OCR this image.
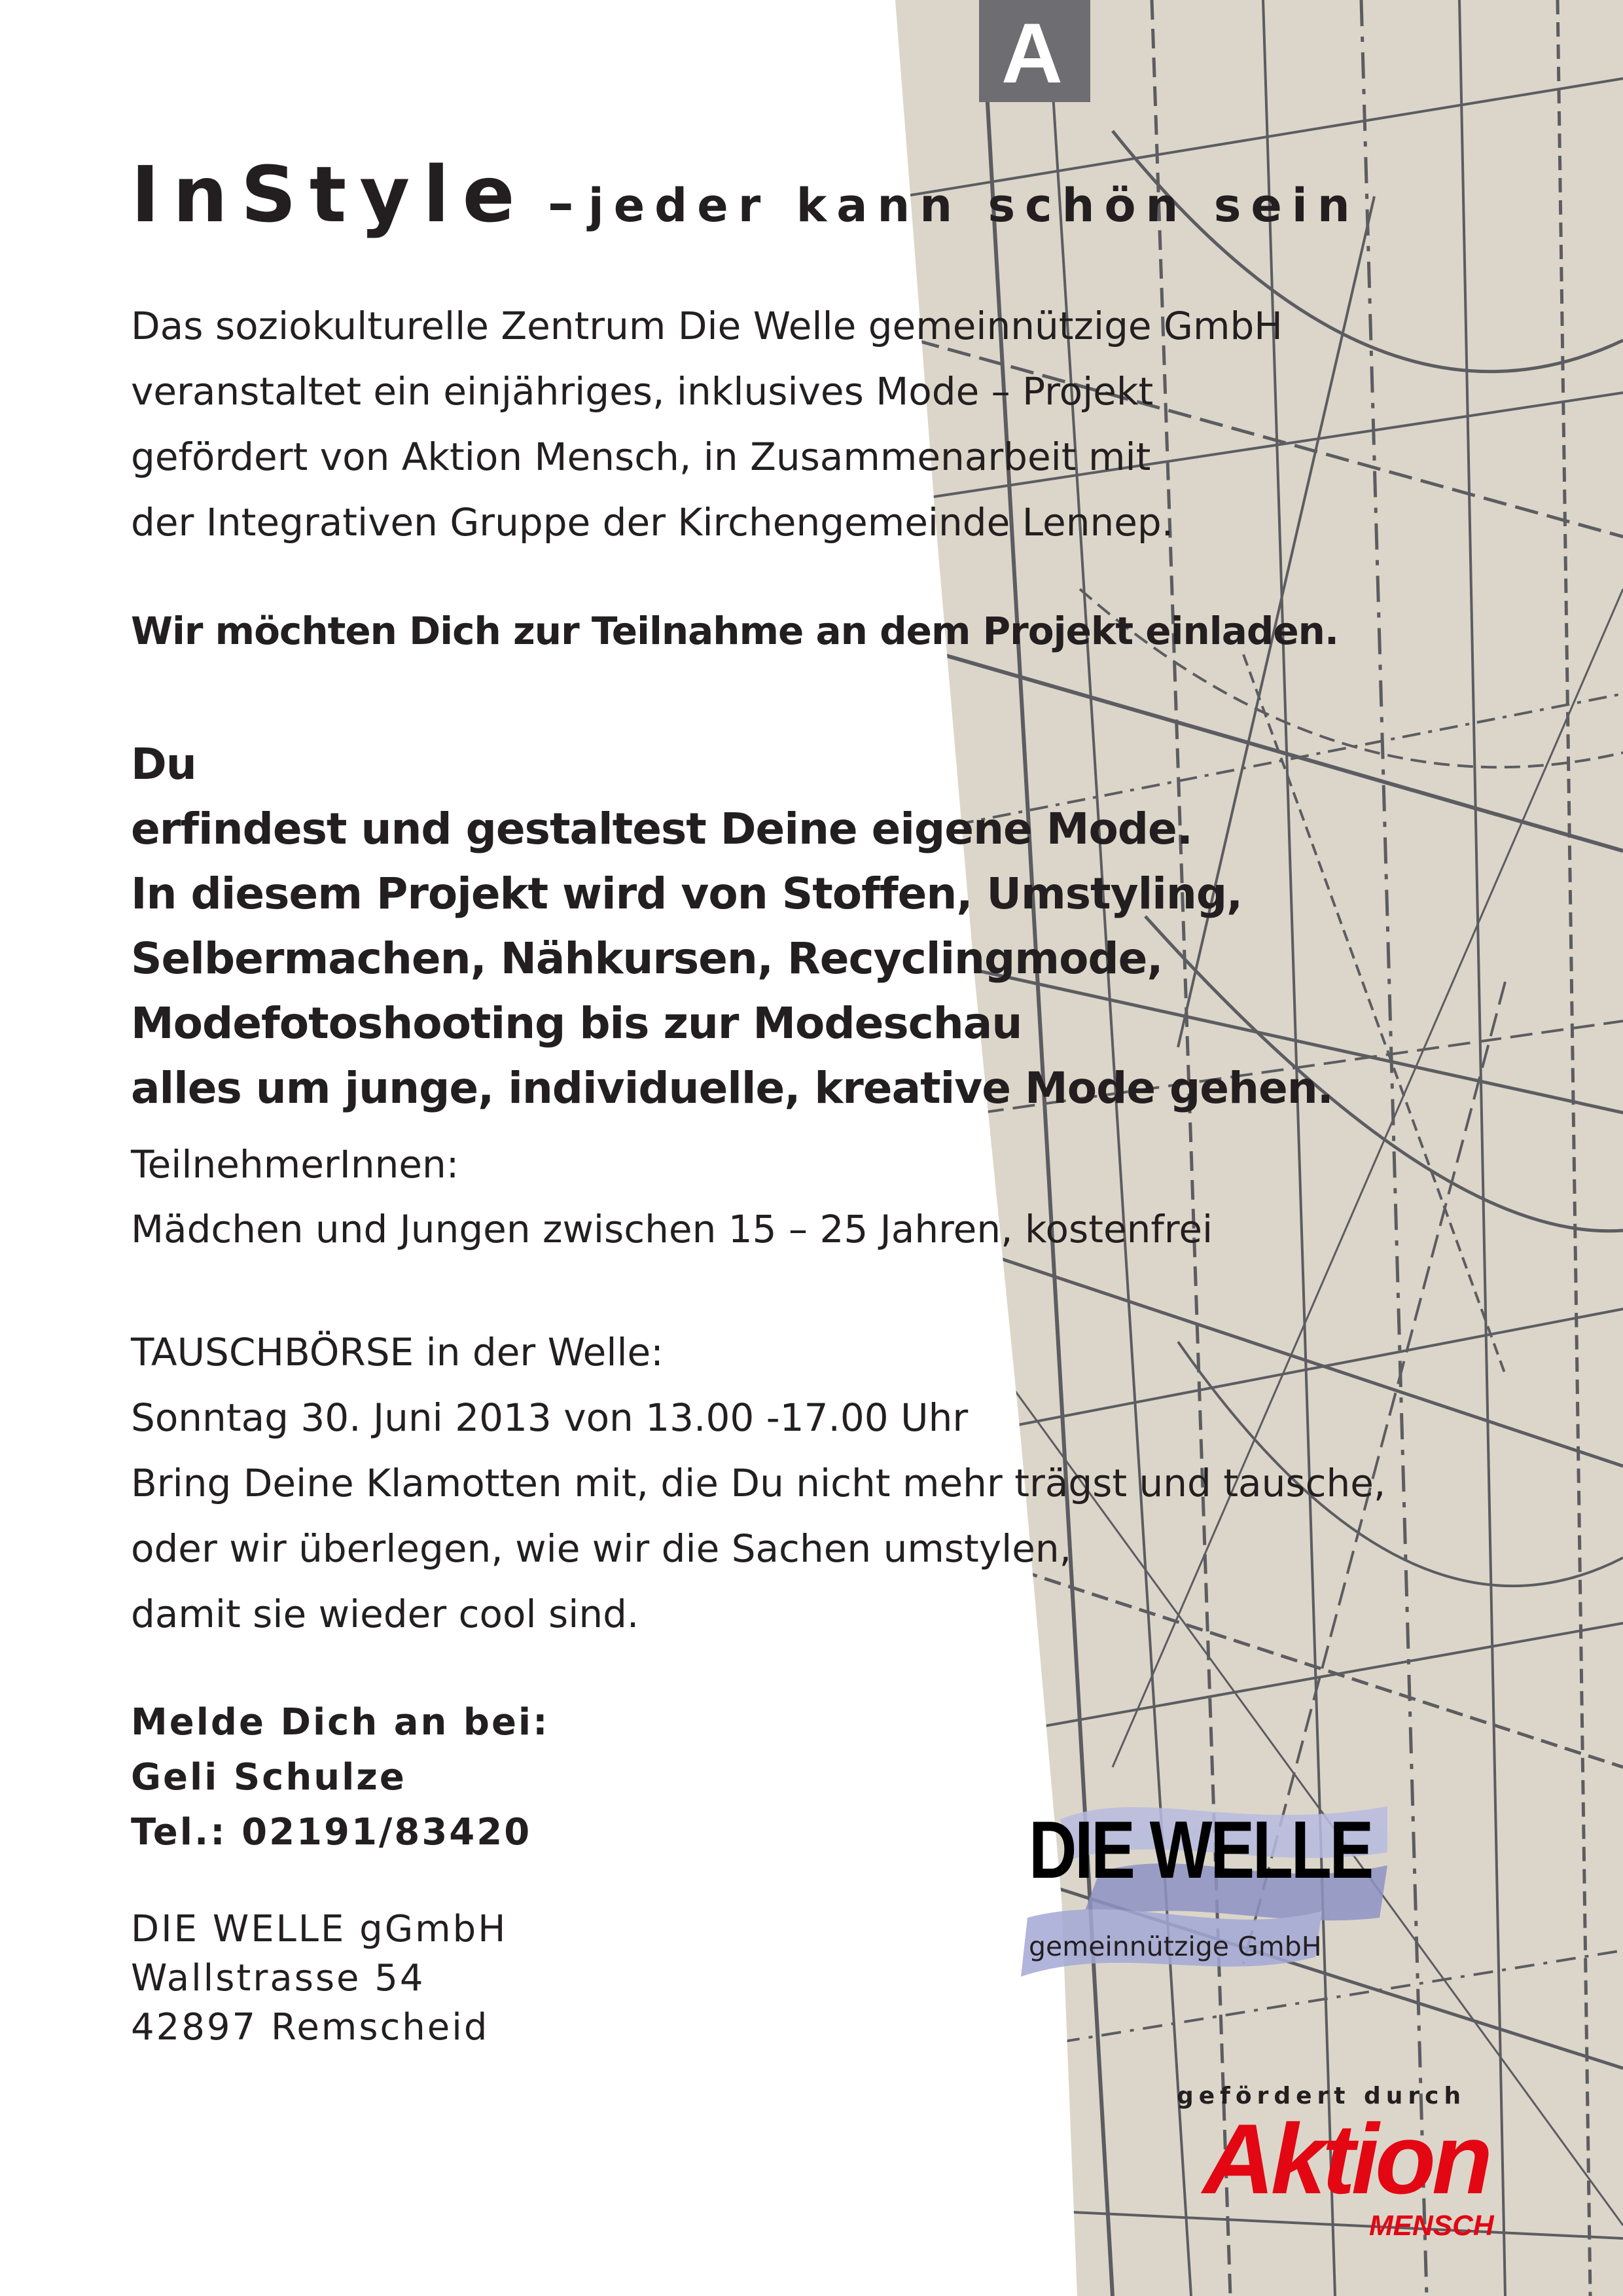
A
InStyle – jeder kann schön sein
Das soziokulturelle Zentrum Die Welle gemeinnützige GmbH
veranstaltet ein einjähriges, inklusives Mode – Projekt
gefördert von Aktion Mensch, in Zusammenarbeit mit
der Integrativen Gruppe der Kirchengemeinde Lennep.
Wir möchten Dich zur Teilnahme an dem Projekt einladen.
Du
erfindest und gestaltest Deine eigene Mode.
In diesem Projekt wird von Stoffen, Umstyling,
Selbermachen, Nähkursen, Recyclingmode,
Modefotoshooting bis zur Modeschau
alles um junge, individuelle, kreative Mode gehen.
TeilnehmerInnen:
Mädchen und Jungen zwischen 15 – 25 Jahren, kostenfrei
TAUSCHBÖRSE in der Welle:
Sonntag 30. Juni 2013 von 13.00 -17.00 Uhr
Bring Deine Klamotten mit, die Du nicht mehr trägst und tausche,
oder wir überlegen, wie wir die Sachen umstylen,
damit sie wieder cool sind.
Melde Dich an bei:
Geli Schulze
Tel.: 02191/83420
DIE WELLE gGmbH
Wallstrasse 54
42897 Remscheid
DIE WELLE
gemeinnützige GmbH
gefördert durch
Aktion
MENSCH
